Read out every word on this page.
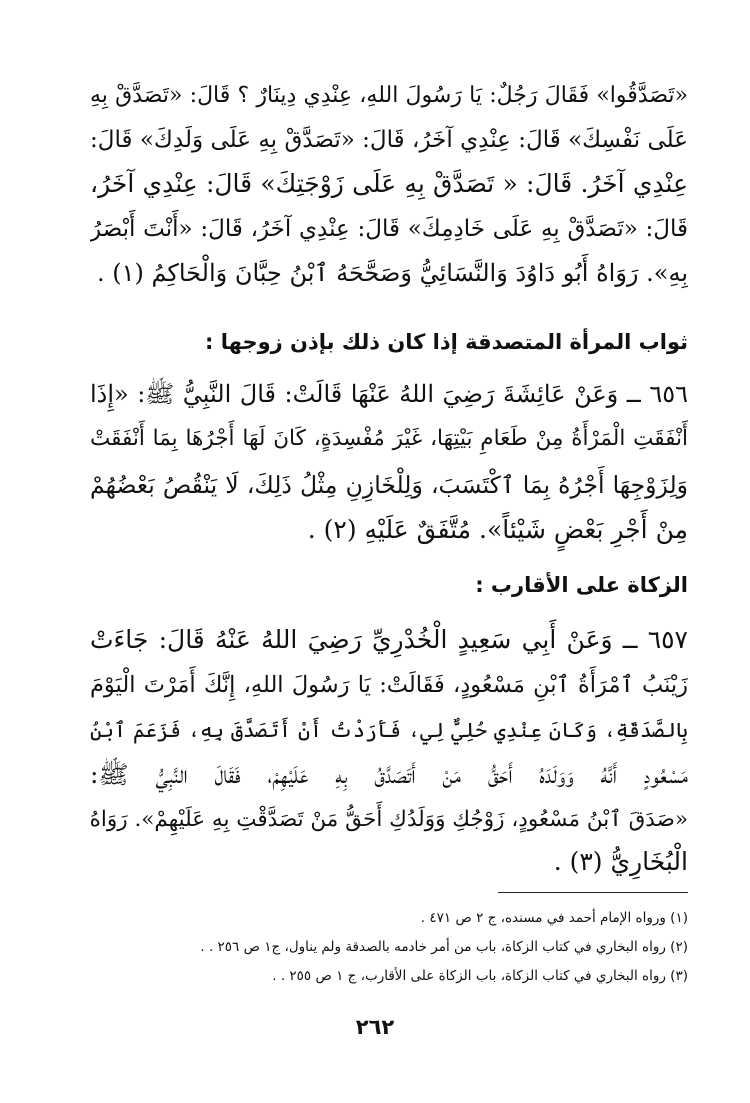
«تَصَدَّقُوا» فَقَالَ رَجُلٌ: يَا رَسُولَ اللهِ، عِنْدِي دِينَارٌ ؟ قَالَ: «تَصَدَّقْ بِهِ
عَلَى نَفْسِكَ» قَالَ: عِنْدِي آخَرُ، قَالَ: «تَصَدَّقْ بِهِ عَلَى وَلَدِكَ» قَالَ:
عِنْدِي آخَرُ. قَالَ: « تَصَدَّقْ بِهِ عَلَى زَوْجَتِكَ» قَالَ: عِنْدِي آخَرُ،
قَالَ: «تَصَدَّقْ بِهِ عَلَى خَادِمِكَ» قَالَ: عِنْدِي آخَرُ، قَالَ: «أَنْتَ أَبْصَرُ
بِهِ». رَوَاهُ أَبُو دَاوُدَ وَالنَّسَائِيُّ وَصَحَّحَهُ ٱبْنُ حِبَّانَ وَالْحَاكِمُ (١) .
ثواب المرأة المتصدقة إذا كان ذلك بإذن زوجها :
٦٥٦ ــ وَعَنْ عَائِشَةَ رَضِيَ اللهُ عَنْهَا قَالَتْ: قَالَ النَّبِيُّ ﷺ: «إِذَا
أَنْفَقَتِ الْمَرْأَةُ مِنْ طَعَامِ بَيْتِهَا، غَيْرَ مُفْسِدَةٍ، كَانَ لَهَا أَجْرُهَا بِمَا أَنْفَقَتْ
وَلِزَوْجِهَا أَجْرُهُ بِمَا ٱكْتَسَبَ، وَلِلْخَازِنِ مِثْلُ ذَلِكَ، لَا يَنْقُصُ بَعْضُهُمْ
مِنْ أَجْرِ بَعْضٍ شَيْئاً». مُتَّفَقٌ عَلَيْهِ (٢) .
الزكاة على الأقارب :
٦٥٧ ــ وَعَنْ أَبِي سَعِيدٍ الْخُدْرِيِّ رَضِيَ اللهُ عَنْهُ قَالَ: جَاءَتْ
زَيْنَبُ ٱمْرَأَةُ ٱبْنِ مَسْعُودٍ، فَقَالَتْ: يَا رَسُولَ اللهِ، إِنَّكَ أَمَرْتَ الْيَوْمَ
بِالصَّدَقَةِ، وَكَانَ عِنْدِي حُلِيٌّ لِي، فَأَرَدْتُ أَنْ أَتَصَدَّقَ بِهِ، فَزَعَمَ ٱبْنُ
مَسْعُودٍ أَنَّهُ وَوَلَدَهُ أَحَقُّ مَنْ أَتَصَدَّقُ بِهِ عَلَيْهِمْ، فَقَالَ النَّبِيُّ ﷺ:
«صَدَقَ ٱبْنُ مَسْعُودٍ، زَوْجُكِ وَوَلَدُكِ أَحَقُّ مَنْ تَصَدَّقْتِ بِهِ عَلَيْهِمْ». رَوَاهُ
الْبُخَارِيُّ (٣) .
(١) ورواه الإمام أحمد في مسنده، ج ٢ ص ٤٧١ .
(٢) رواه البخاري في كتاب الزكاة، باب من أمر خادمه بالصدقة ولم يناول، ج١ ص ٢٥٦ . .
(٣) رواه البخاري في كتاب الزكاة، باب الزكاة على الأقارب، ج ١ ص ٢٥٥ . .
٢٦٢
